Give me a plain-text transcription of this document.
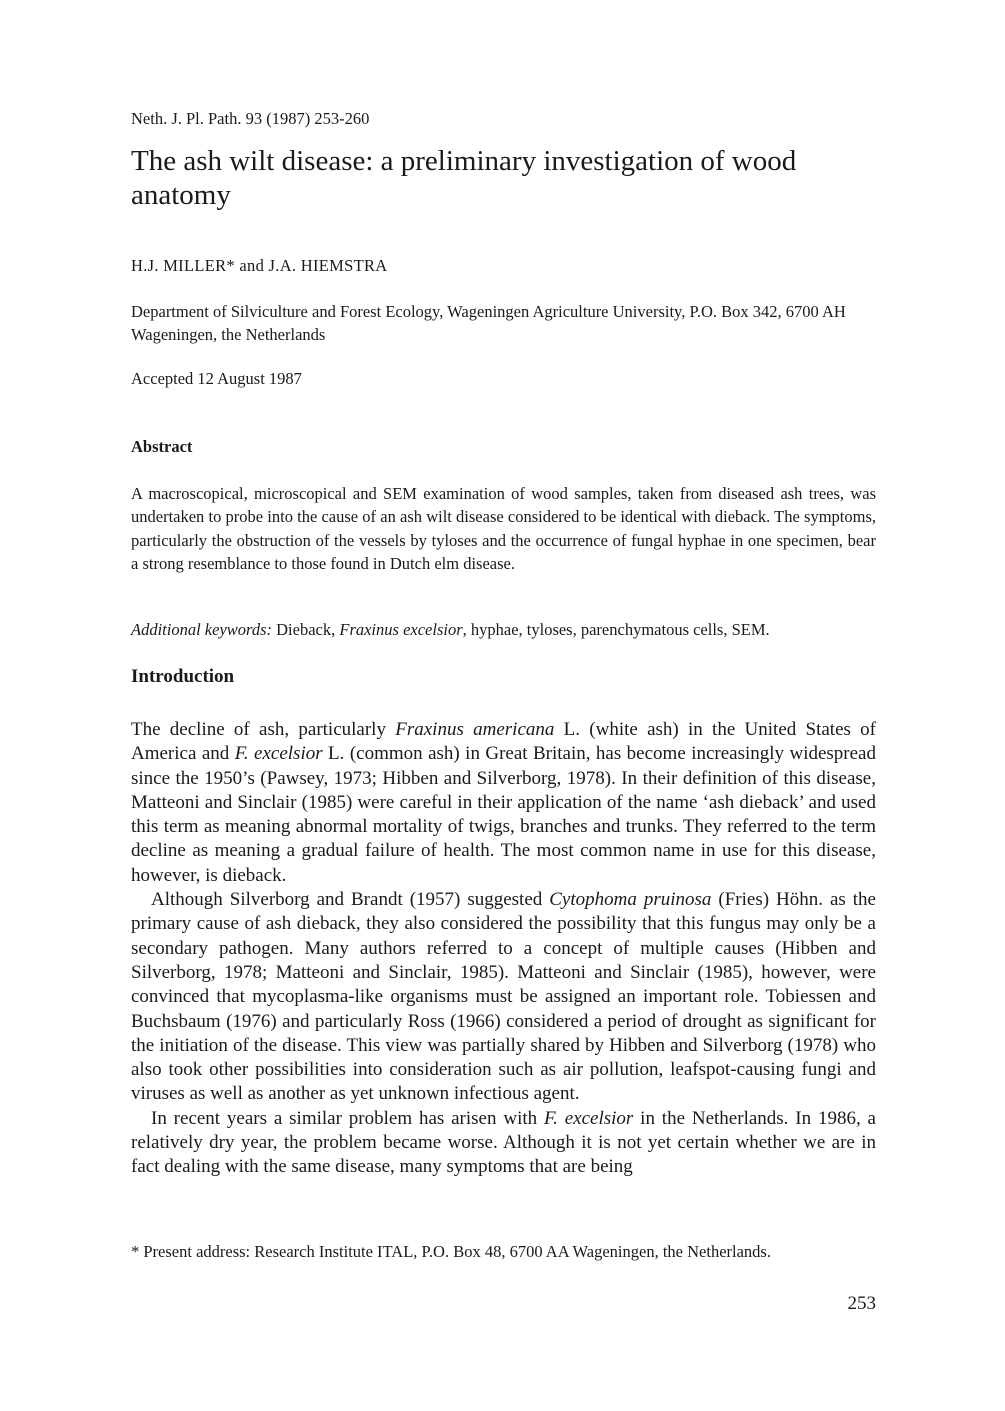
Neth. J. Pl. Path. 93 (1987) 253-260
The ash wilt disease: a preliminary investigation of wood anatomy
H.J. MILLER* and J.A. HIEMSTRA
Department of Silviculture and Forest Ecology, Wageningen Agriculture University, P.O. Box 342, 6700 AH Wageningen, the Netherlands
Accepted 12 August 1987
Abstract
A macroscopical, microscopical and SEM examination of wood samples, taken from diseased ash trees, was undertaken to probe into the cause of an ash wilt disease considered to be identical with dieback. The symptoms, particularly the obstruction of the vessels by tyloses and the occurrence of fungal hyphae in one specimen, bear a strong resemblance to those found in Dutch elm disease.
Additional keywords: Dieback, Fraxinus excelsior, hyphae, tyloses, parenchymatous cells, SEM.
Introduction

The decline of ash, particularly Fraxinus americana L. (white ash) in the United States of America and F. excelsior L. (common ash) in Great Britain, has become increasingly widespread since the 1950’s (Pawsey, 1973; Hibben and Silverborg, 1978). In their definition of this disease, Matteoni and Sinclair (1985) were careful in their application of the name ‘ash dieback’ and used this term as meaning abnormal mortality of twigs, branches and trunks. They referred to the term decline as meaning a gradual failure of health. The most common name in use for this disease, however, is dieback.

Although Silverborg and Brandt (1957) suggested Cytophoma pruinosa (Fries) Höhn. as the primary cause of ash dieback, they also considered the possibility that this fungus may only be a secondary pathogen. Many authors referred to a concept of multiple causes (Hibben and Silverborg, 1978; Matteoni and Sinclair, 1985). Matteoni and Sinclair (1985), however, were convinced that mycoplasma-like organisms must be assigned an important role. Tobiessen and Buchsbaum (1976) and particularly Ross (1966) considered a period of drought as significant for the initiation of the disease. This view was partially shared by Hibben and Silverborg (1978) who also took other possibilities into consideration such as air pollution, leafspot-causing fungi and viruses as well as another as yet unknown infectious agent.

In recent years a similar problem has arisen with F. excelsior in the Netherlands. In 1986, a relatively dry year, the problem became worse. Although it is not yet certain whether we are in fact dealing with the same disease, many symptoms that are being

* Present address: Research Institute ITAL, P.O. Box 48, 6700 AA Wageningen, the Netherlands.
253
